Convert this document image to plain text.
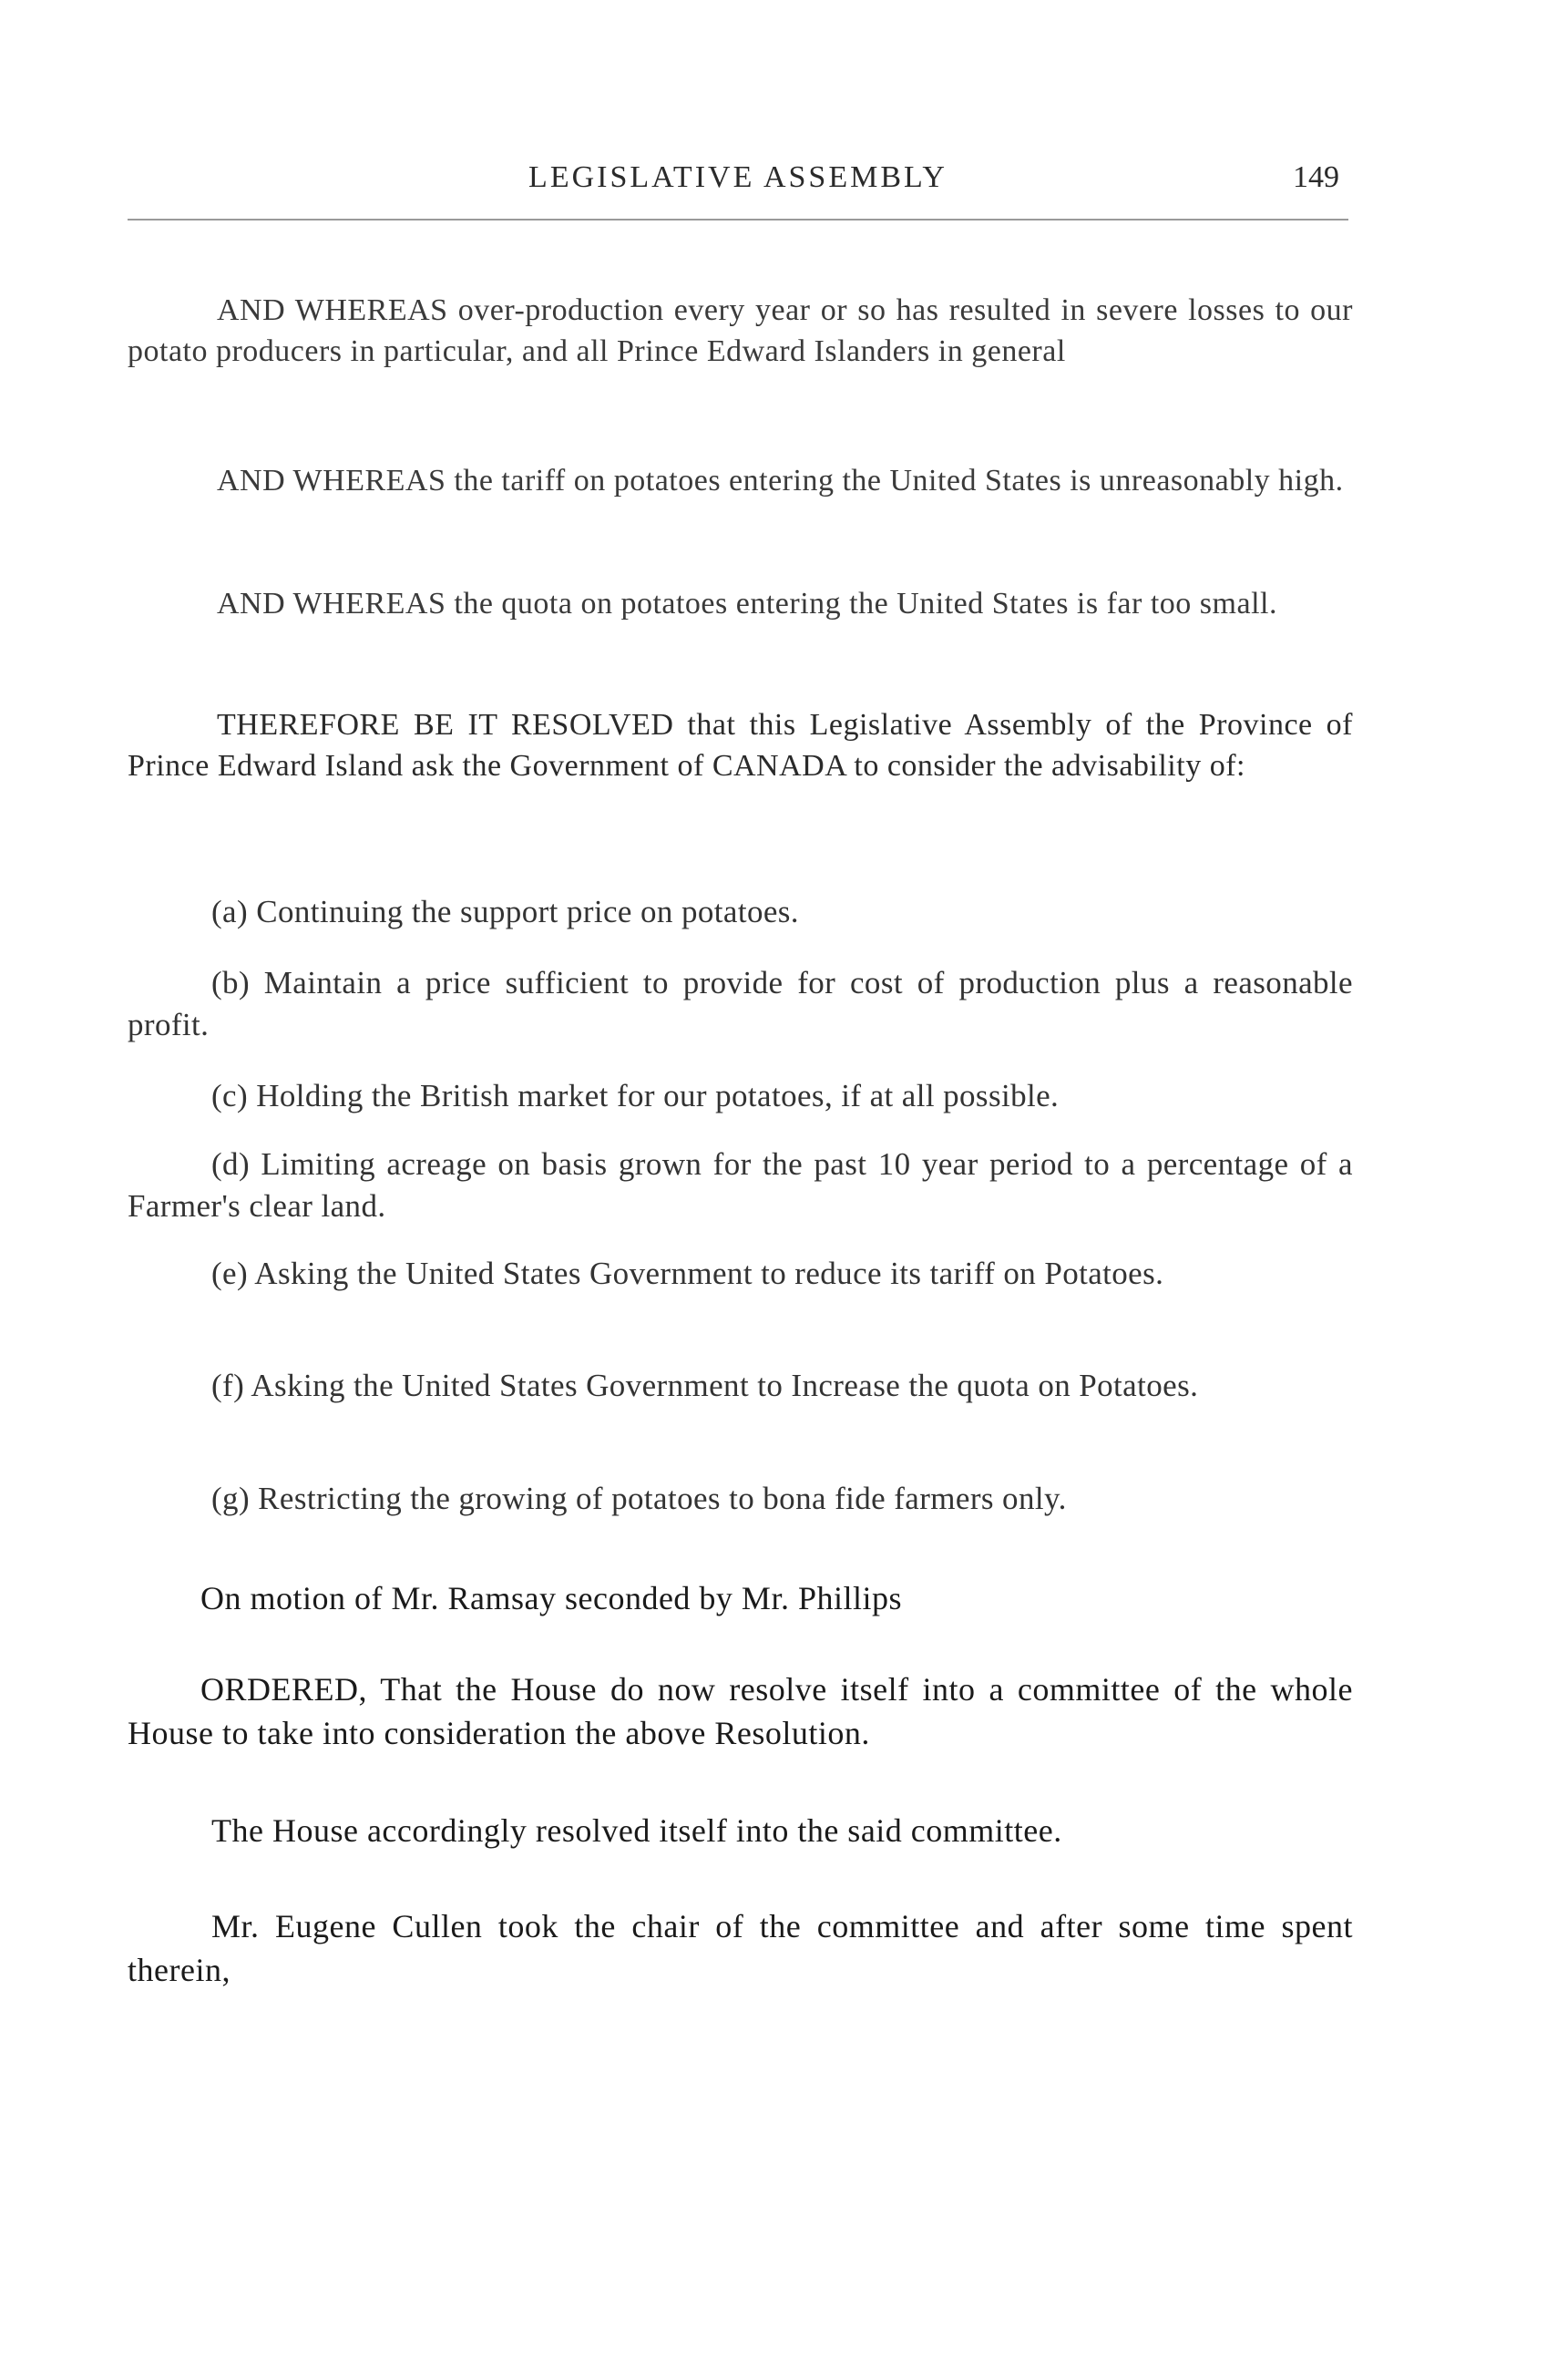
LEGISLATIVE ASSEMBLY	149

AND WHEREAS over-production every year or so has resulted in severe losses to our potato producers in particular, and all Prince Edward Islanders in general

AND WHEREAS the tariff on potatoes entering the United States is unreasonably high.

AND WHEREAS the quota on potatoes entering the United States is far too small.

THEREFORE BE IT RESOLVED that this Legislative Assembly of the Province of Prince Edward Island ask the Government of CANADA to consider the advisability of:

(a) Continuing the support price on potatoes.

(b) Maintain a price sufficient to provide for cost of production plus a reasonable profit.

(c) Holding the British market for our potatoes, if at all possible.

(d) Limiting acreage on basis grown for the past 10 year period to a percentage of a Farmer's clear land.

(e) Asking the United States Government to reduce its tariff on Potatoes.

(f) Asking the United States Government to Increase the quota on Potatoes.

(g) Restricting the growing of potatoes to bona fide farmers only.

On motion of Mr. Ramsay seconded by Mr. Phillips

ORDERED, That the House do now resolve itself into a committee of the whole House to take into consideration the above Resolution.

The House accordingly resolved itself into the said committee.

Mr. Eugene Cullen took the chair of the committee and after some time spent therein,
